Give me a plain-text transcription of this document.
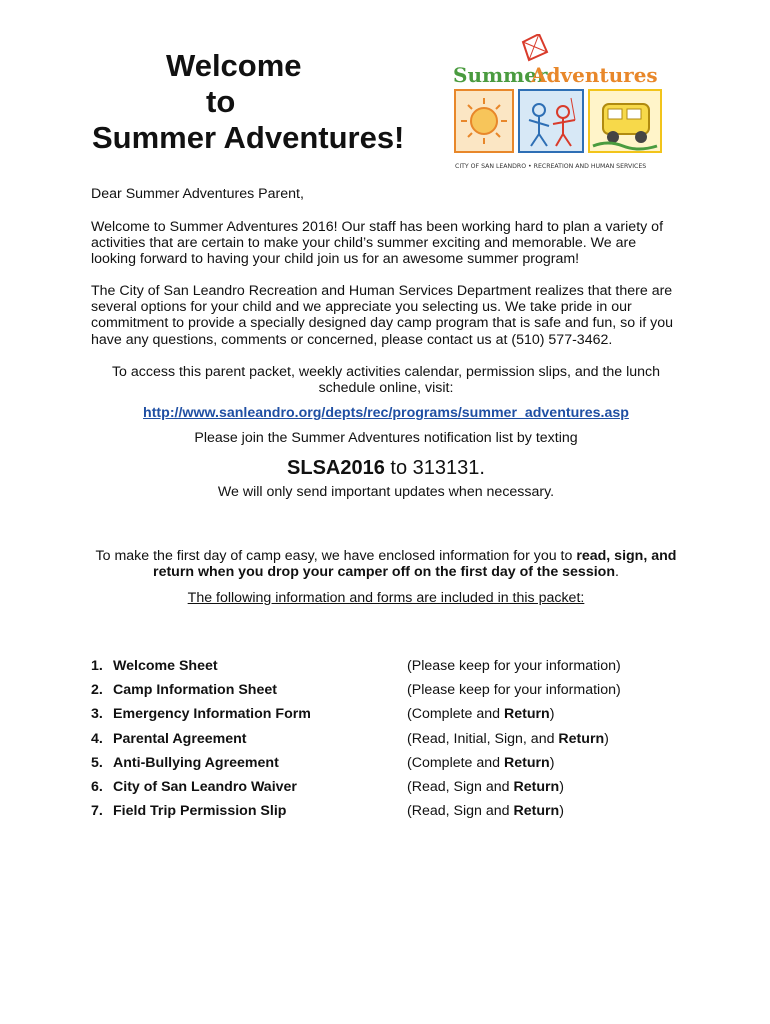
Welcome
to
Summer Adventures!
Summer
Adventures
CITY OF SAN LEANDRO • RECREATION AND HUMAN SERVICES
Dear Summer Adventures Parent,

Welcome to Summer Adventures 2016! Our staff has been working hard to plan a variety of activities that are certain to make your child’s summer exciting and memorable. We are looking forward to having your child join us for an awesome summer program!

The City of San Leandro Recreation and Human Services Department realizes that there are several options for your child and we appreciate you selecting us. We take pride in our commitment to provide a specially designed day camp program that is safe and fun, so if you have any questions, comments or concerned, please contact us at (510) 577-3462.

To access this parent packet, weekly activities calendar, permission slips, and the lunch schedule online, visit:

http://www.sanleandro.org/depts/rec/programs/summer_adventures.asp
Please join the Summer Adventures notification list by texting
SLSA2016 to 313131.
We will only send important updates when necessary.

To make the first day of camp easy, we have enclosed information for you to read, sign, and return when you drop your camper off on the first day of the session.

The following information and forms are included in this packet:
1. Welcome Sheet	(Please keep for your information)
2. Camp Information Sheet	(Please keep for your information)
3. Emergency Information Form	(Complete and Return)
4. Parental Agreement	(Read, Initial, Sign, and Return)
5. Anti-Bullying Agreement	(Complete and Return)
6. City of San Leandro Waiver	(Read, Sign and Return)
7. Field Trip Permission Slip	(Read, Sign and Return)
